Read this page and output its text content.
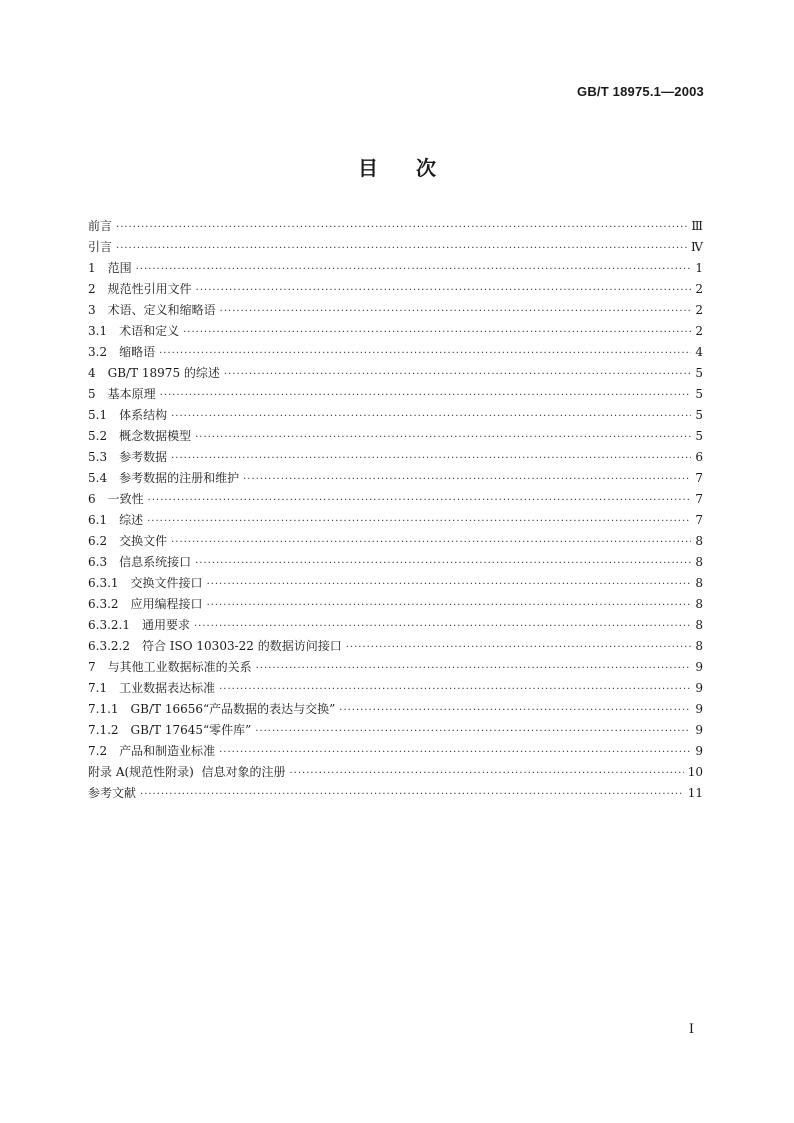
GB/T 18975.1—2003
目 次
前言 ·····	Ⅲ
引言 ·····	Ⅳ
1 范围 ·····	1
2 规范性引用文件 ·····	2
3 术语、定义和缩略语 ·····	2
3.1 术语和定义 ·····	2
3.2 缩略语 ·····	4
4 GB/T 18975 的综述 ·····	5
5 基本原理 ·····	5
5.1 体系结构 ·····	5
5.2 概念数据模型 ·····	5
5.3 参考数据 ·····	6
5.4 参考数据的注册和维护 ·····	7
6 一致性 ·····	7
6.1 综述 ·····	7
6.2 交换文件 ·····	8
6.3 信息系统接口 ·····	8
6.3.1 交换文件接口 ·····	8
6.3.2 应用编程接口 ·····	8
6.3.2.1 通用要求 ·····	8
6.3.2.2 符合 ISO 10303-22 的数据访问接口 ·····	8
7 与其他工业数据标准的关系 ·····	9
7.1 工业数据表达标准 ·····	9
7.1.1 GB/T 16656“产品数据的表达与交换” ·····	9
7.1.2 GB/T 17645“零件库” ·····	9
7.2 产品和制造业标准 ·····	9
附录 A(规范性附录)  信息对象的注册 ·····	10
参考文献 ·····	11
I
